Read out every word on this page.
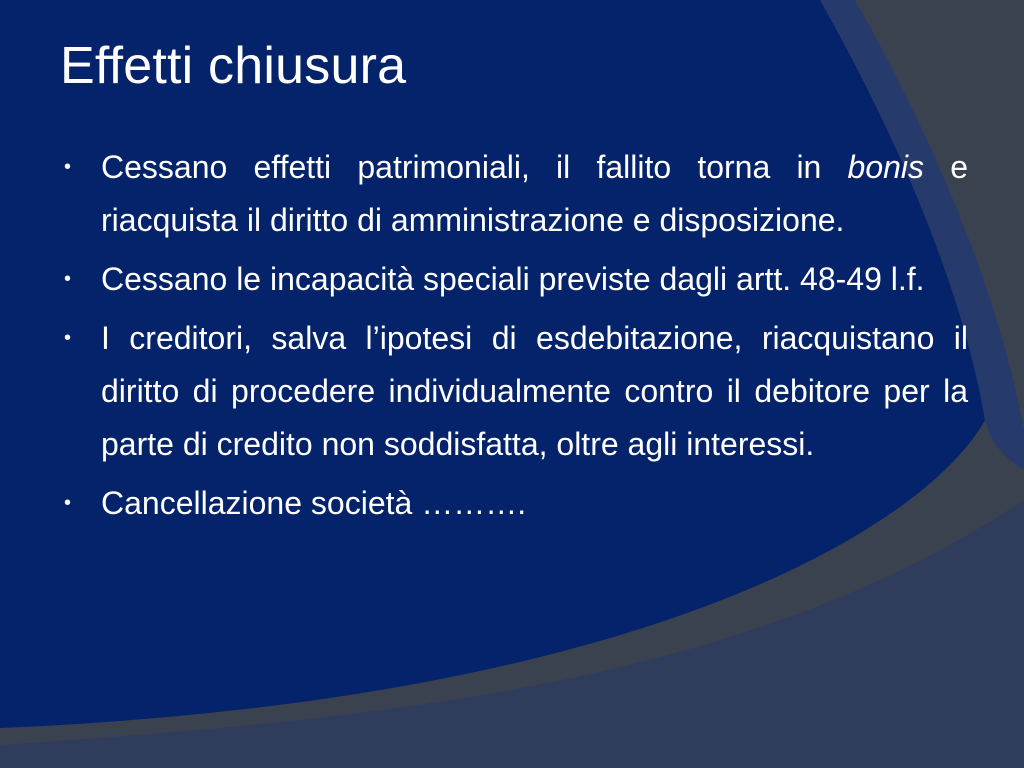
Effetti chiusura
• Cessano effetti patrimoniali, il fallito torna in bonis e riacquista il diritto di amministrazione e disposizione.
• Cessano le incapacità speciali previste dagli artt. 48-49 l.f.
• I creditori, salva l’ipotesi di esdebitazione, riacquistano il diritto di procedere individualmente contro il debitore per la parte di credito non soddisfatta, oltre agli interessi.
• Cancellazione società ……….
